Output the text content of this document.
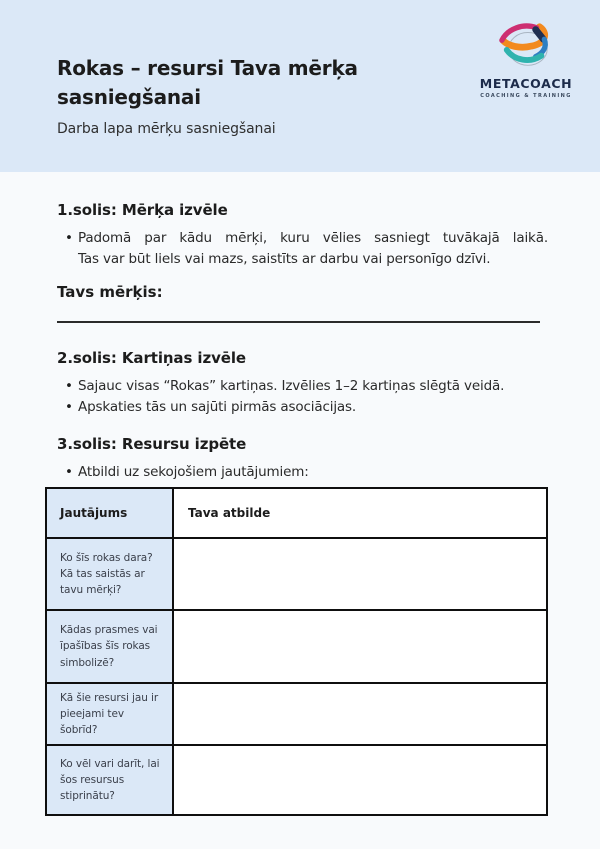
Rokas – resursi Tava mērķa sasniegšanai

Darba lapa mērķu sasniegšanai

METACOACH
COACHING & TRAINING
1.solis: Mērķa izvēle
• Padomā par kādu mērķi, kuru vēlies sasniegt tuvākajā laikā.
Tas var būt liels vai mazs, saistīts ar darbu vai personīgo dzīvi.

Tavs mērķis:

2.solis: Kartiņas izvēle
• Sajauc visas “Rokas” kartiņas. Izvēlies 1–2 kartiņas slēgtā veidā.
• Apskaties tās un sajūti pirmās asociācijas.
3.solis: Resursu izpēte
• Atbildi uz sekojošiem jautājumiem:
Jautājums	Tava atbilde
Ko šīs rokas dara? Kā tas saistās ar tavu mērķi?	
Kādas prasmes vai īpašības šīs rokas simbolizē?	
Kā šie resursi jau ir pieejami tev šobrīd?	
Ko vēl vari darīt, lai šos resursus stiprinātu?	
